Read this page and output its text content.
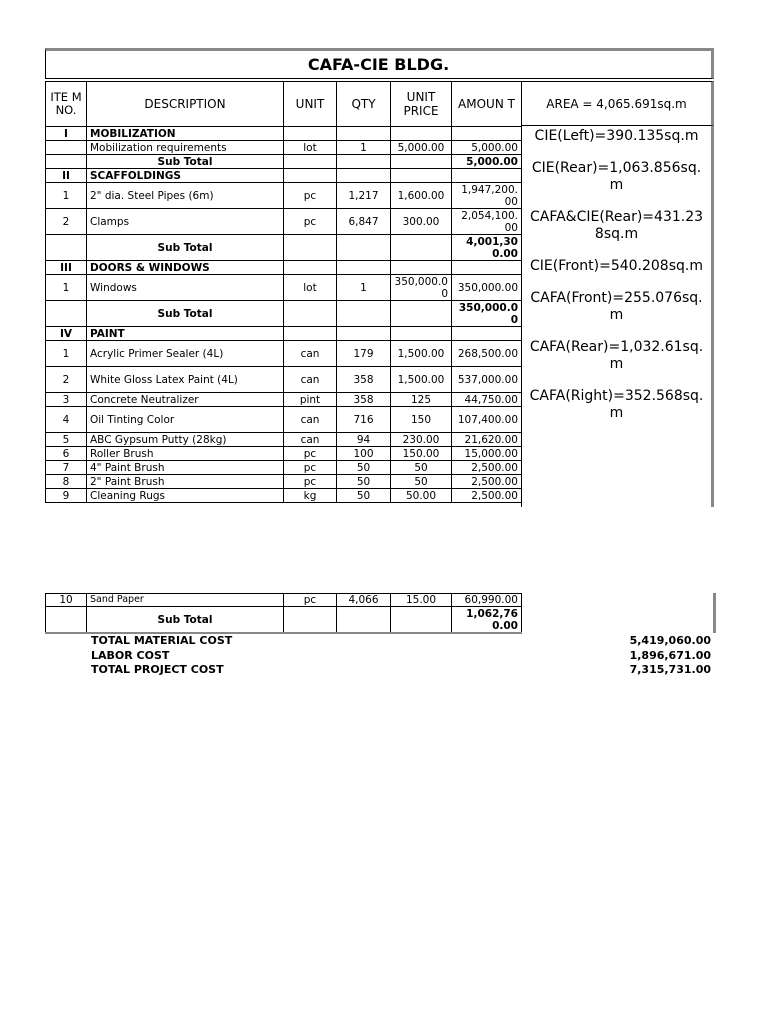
CAFA-CIE BLDG.
ITE M NO.	DESCRIPTION	UNIT	QTY	UNIT PRICE	AMOUN T
I	MOBILIZATION				
	Mobilization requirements	lot	1	5,000.00	5,000.00
	Sub Total				5,000.00
II	SCAFFOLDINGS				
1	2" dia. Steel Pipes (6m)	pc	1,217	1,600.00	1,947,200.00
2	Clamps	pc	6,847	300.00	2,054,100.00
	Sub Total				4,001,300.00
III	DOORS & WINDOWS				
1	Windows	lot	1	350,000.00	350,000.00
	Sub Total				350,000.00
IV	PAINT				
1	Acrylic Primer Sealer (4L)	can	179	1,500.00	268,500.00
2	White Gloss Latex Paint (4L)	can	358	1,500.00	537,000.00
3	Concrete Neutralizer	pint	358	125	44,750.00
4	Oil Tinting Color	can	716	150	107,400.00
5	ABC Gypsum Putty (28kg)	can	94	230.00	21,620.00
6	Roller Brush	pc	100	150.00	15,000.00
7	4" Paint Brush	pc	50	50	2,500.00
8	2" Paint Brush	pc	50	50	2,500.00
9	Cleaning Rugs	kg	50	50.00	2,500.00
AREA = 4,065.691sq.m
CIE(Left)=390.135sq.m
CIE(Rear)=1,063.856sq.m
CAFA&CIE(Rear)=431.238sq.m
CIE(Front)=540.208sq.m
CAFA(Front)=255.076sq.m
CAFA(Rear)=1,032.61sq.m
CAFA(Right)=352.568sq.m
10	Sand Paper	pc	4,066	15.00	60,990.00
	Sub Total				1,062,760.00
TOTAL MATERIAL COST	5,419,060.00
LABOR COST	1,896,671.00
TOTAL PROJECT COST	7,315,731.00
